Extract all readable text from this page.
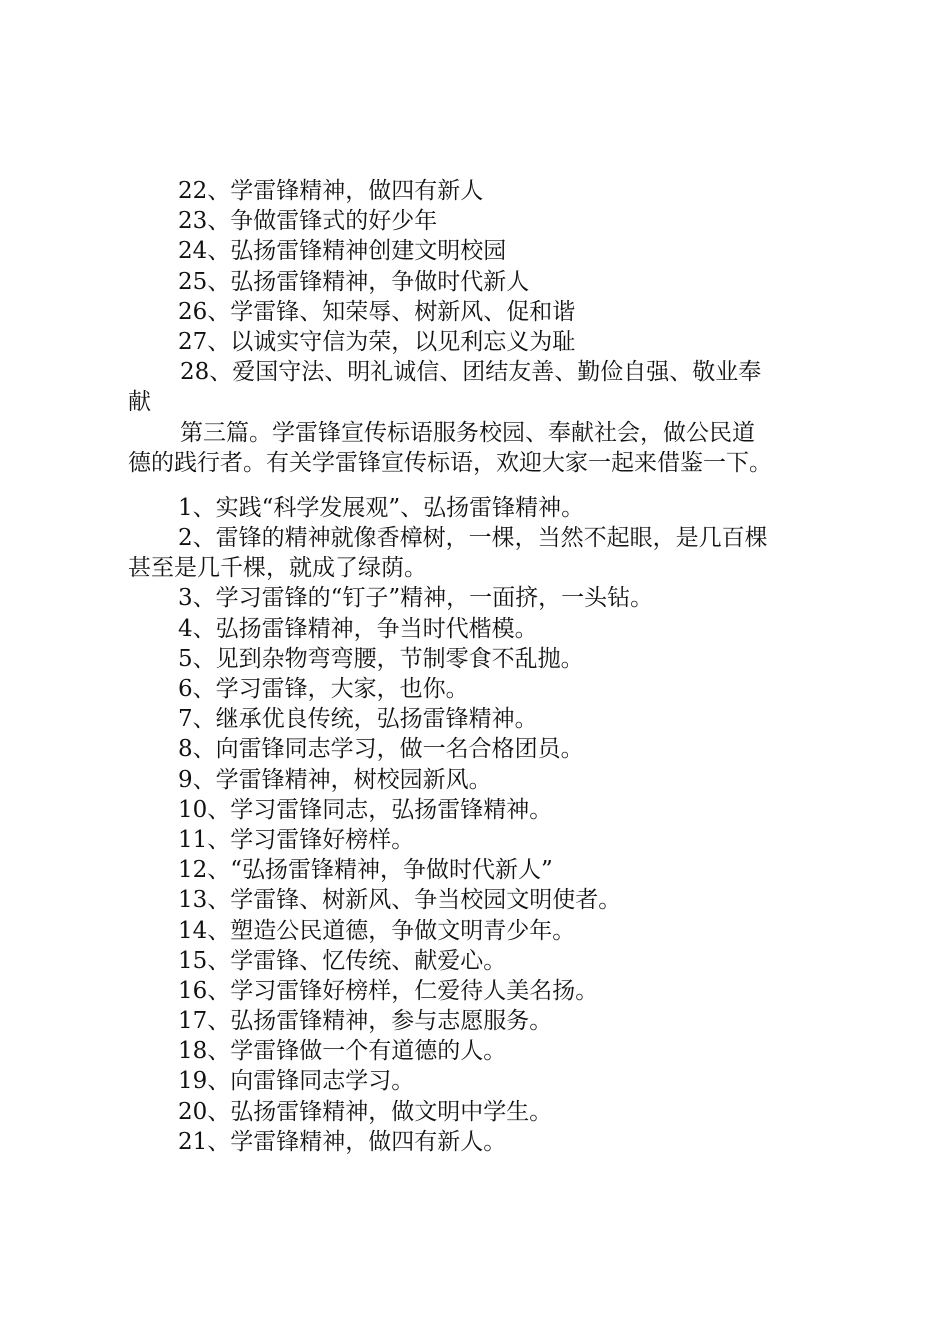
22、学雷锋精神，做四有新人
23、争做雷锋式的好少年
24、弘扬雷锋精神创建文明校园
25、弘扬雷锋精神，争做时代新人
26、学雷锋、知荣辱、树新风、促和谐
27、以诚实守信为荣，以见利忘义为耻
28、爱国守法、明礼诚信、团结友善、勤俭自强、敬业奉
献
第三篇。学雷锋宣传标语服务校园、奉献社会，做公民道
德的践行者。有关学雷锋宣传标语，欢迎大家一起来借鉴一下。
1、实践“科学发展观”、弘扬雷锋精神。
2、雷锋的精神就像香樟树，一棵，当然不起眼，是几百棵
甚至是几千棵，就成了绿荫。
3、学习雷锋的“钉子”精神，一面挤，一头钻。
4、弘扬雷锋精神，争当时代楷模。
5、见到杂物弯弯腰，节制零食不乱抛。
6、学习雷锋，大家，也你。
7、继承优良传统，弘扬雷锋精神。
8、向雷锋同志学习，做一名合格团员。
9、学雷锋精神，树校园新风。
10、学习雷锋同志，弘扬雷锋精神。
11、学习雷锋好榜样。
12、“弘扬雷锋精神，争做时代新人”
13、学雷锋、树新风、争当校园文明使者。
14、塑造公民道德，争做文明青少年。
15、学雷锋、忆传统、献爱心。
16、学习雷锋好榜样，仁爱待人美名扬。
17、弘扬雷锋精神，参与志愿服务。
18、学雷锋做一个有道德的人。
19、向雷锋同志学习。
20、弘扬雷锋精神，做文明中学生。
21、学雷锋精神，做四有新人。
